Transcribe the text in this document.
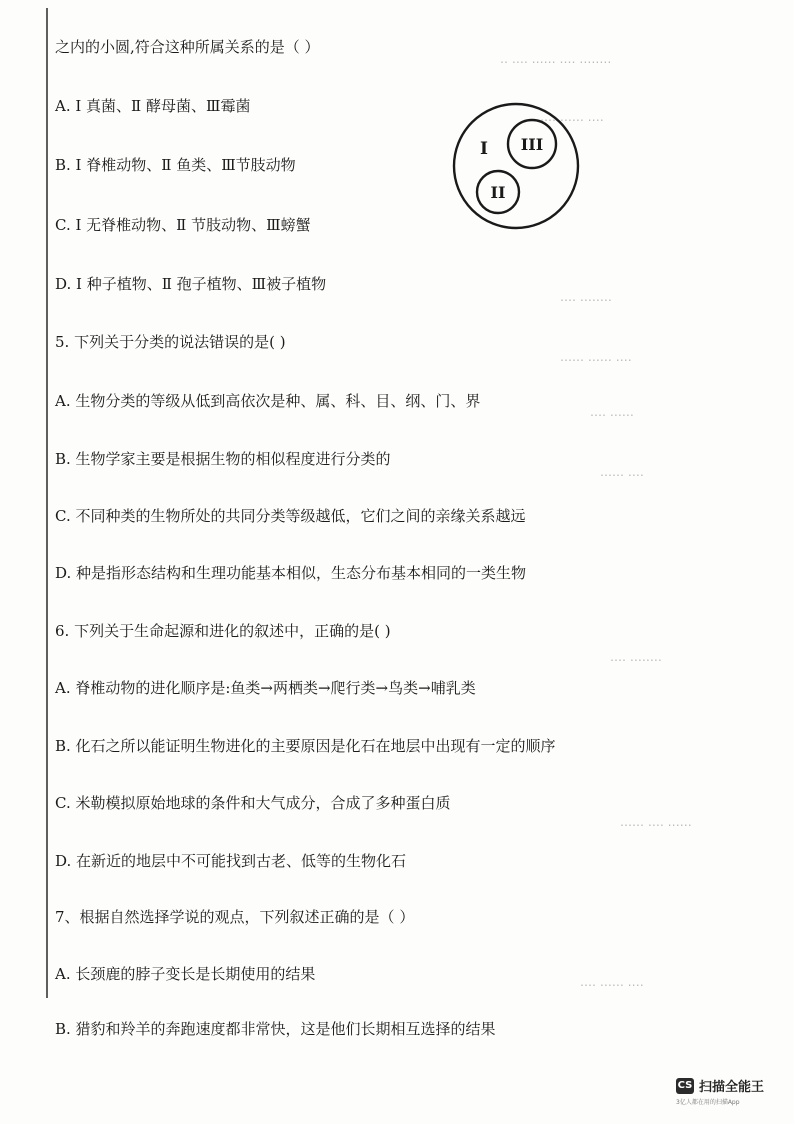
‥ ‥‥ ‥‥‥ ‥‥ ‥‥‥‥
‥‥ ‥‥‥ ‥‥
‥‥ ‥‥‥‥
‥‥‥ ‥‥‥ ‥‥
‥‥ ‥‥‥
‥‥‥ ‥‥
‥‥ ‥‥‥‥
‥‥‥ ‥‥ ‥‥‥
‥‥ ‥‥‥ ‥‥
之内的小圆,符合这种所属关系的是（ ）
A. Ⅰ 真菌、Ⅱ 酵母菌、Ⅲ霉菌
B. Ⅰ 脊椎动物、Ⅱ 鱼类、Ⅲ节肢动物
C. Ⅰ 无脊椎动物、Ⅱ 节肢动物、Ⅲ螃蟹
D. Ⅰ 种子植物、Ⅱ 孢子植物、Ⅲ被子植物
5. 下列关于分类的说法错误的是( )
A. 生物分类的等级从低到高依次是种、属、科、目、纲、门、界
B. 生物学家主要是根据生物的相似程度进行分类的
C. 不同种类的生物所处的共同分类等级越低，它们之间的亲缘关系越远
D. 种是指形态结构和生理功能基本相似，生态分布基本相同的一类生物
6. 下列关于生命起源和进化的叙述中，正确的是( )
A. 脊椎动物的进化顺序是:鱼类→两栖类→爬行类→鸟类→哺乳类
B. 化石之所以能证明生物进化的主要原因是化石在地层中出现有一定的顺序
C. 米勒模拟原始地球的条件和大气成分，合成了多种蛋白质
D. 在新近的地层中不可能找到古老、低等的生物化石
7、根据自然选择学说的观点，下列叙述正确的是（ ）
A. 长颈鹿的脖子变长是长期使用的结果
B. 猎豹和羚羊的奔跑速度都非常快，这是他们长期相互选择的结果
I III
II
CS 扫描全能王
3亿人都在用的扫描App
